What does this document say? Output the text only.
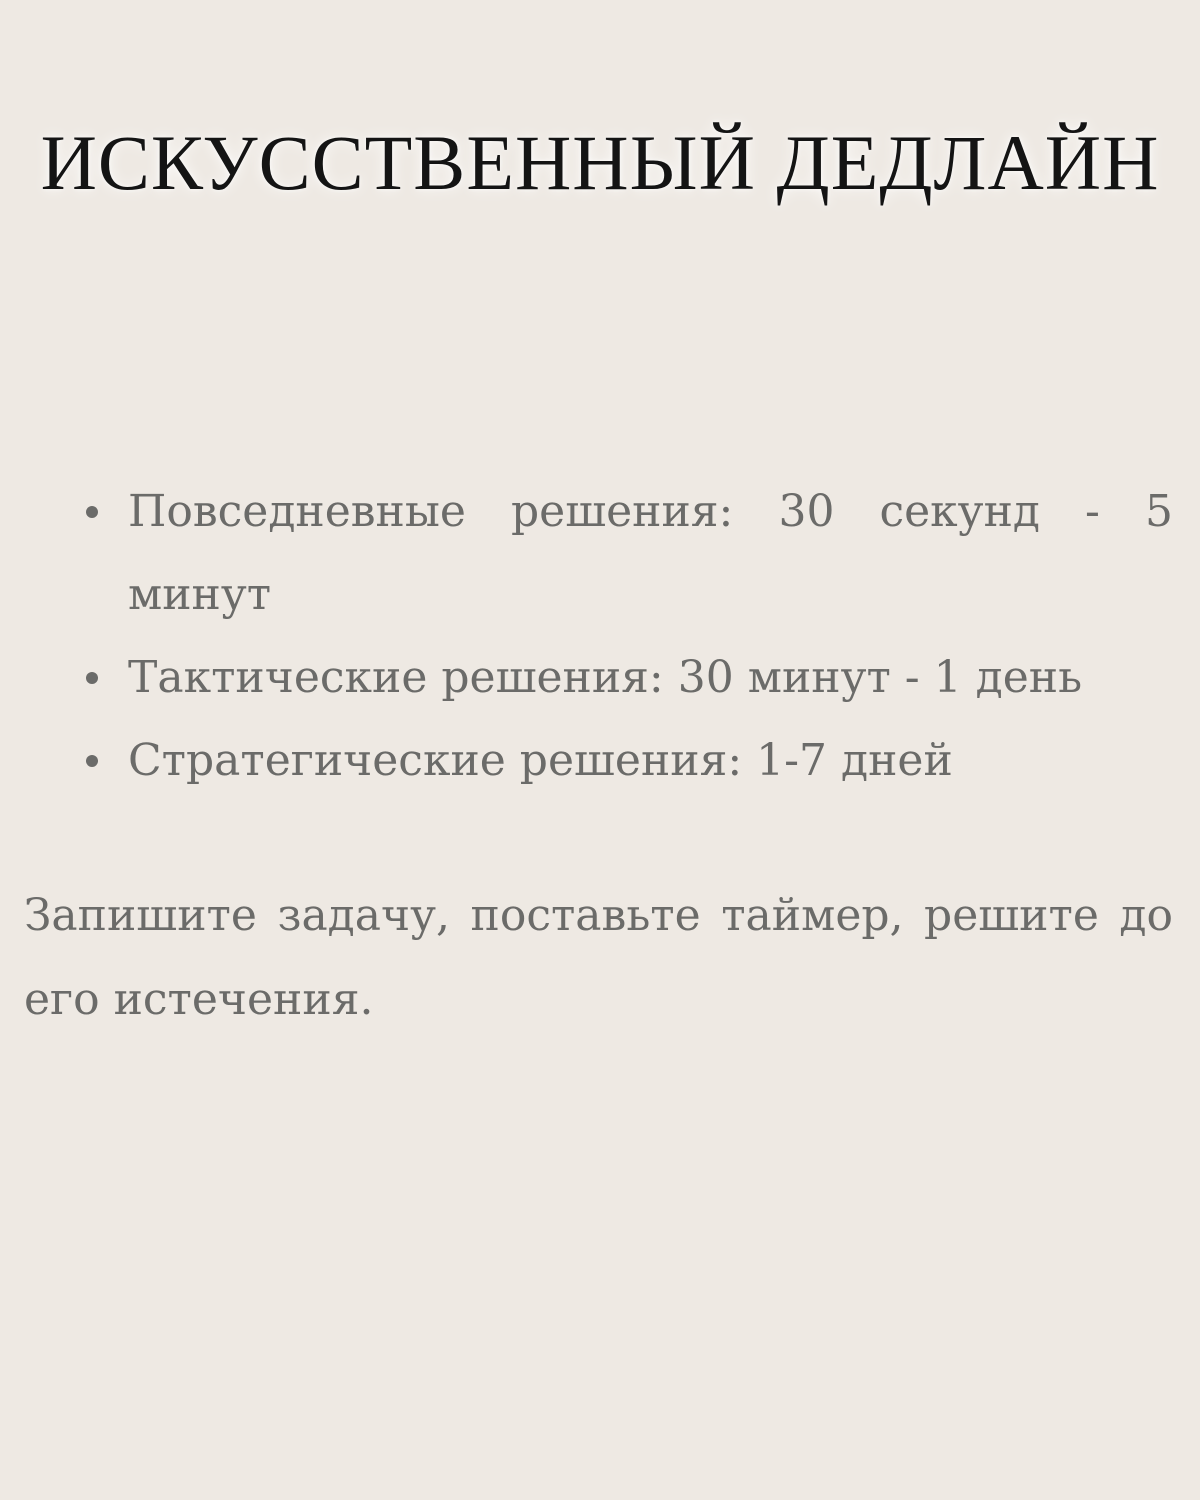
ИСКУССТВЕННЫЙ ДЕДЛАЙН
Повседневные решения: 30 секунд - 5 минут
Тактические решения: 30 минут - 1 день
Стратегические решения: 1-7 дней

Запишите задачу, поставьте таймер, решите до его истечения.
